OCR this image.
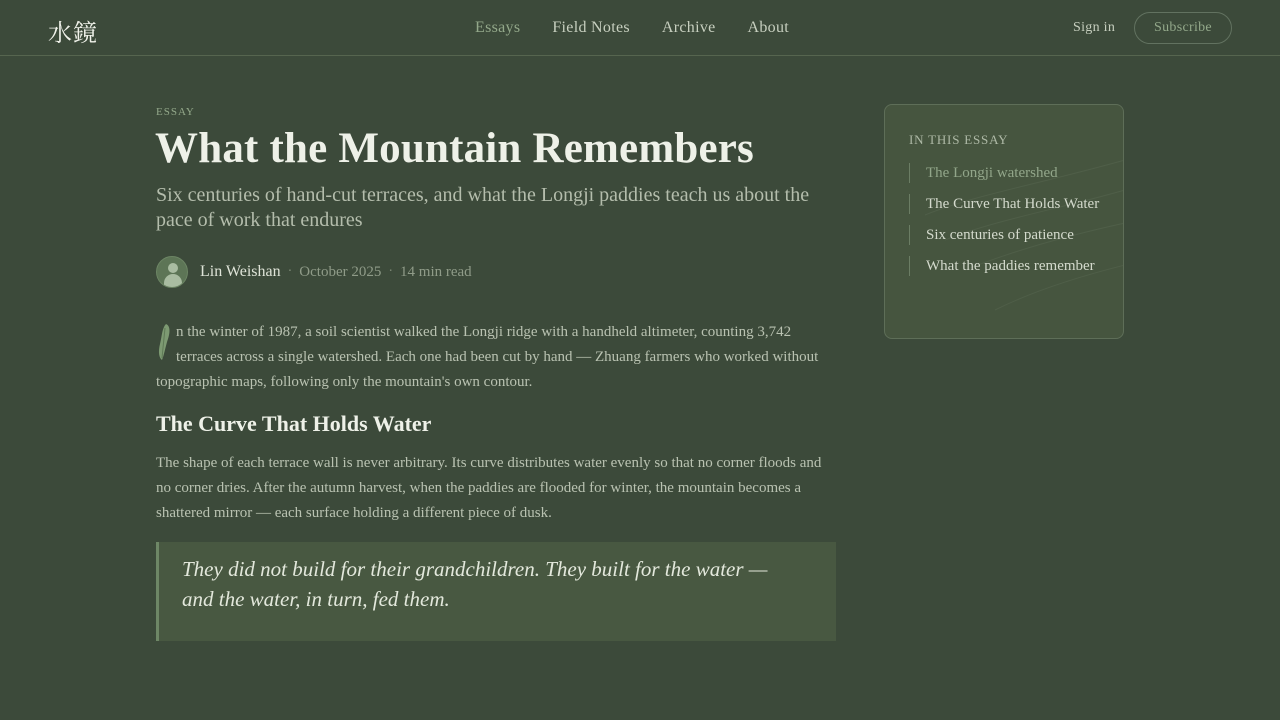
水鏡	Essays Field Notes Archive About	Sign in	Subscribe
ESSAY
What the Mountain Remembers

Six centuries of hand-cut terraces, and what the Longji paddies teach us about the pace of work that endures

Lin Weishan · October 2025 · 14 min read
n the winter of 1987, a soil scientist walked the Longji ridge with a handheld altimeter, counting 3,742 terraces across a single watershed. Each one had been cut by hand — Zhuang farmers who worked without topographic maps, following only the mountain's own contour.
The Curve That Holds Water

The shape of each terrace wall is never arbitrary. Its curve distributes water evenly so that no corner floods and no corner dries. After the autumn harvest, when the paddies are flooded for winter, the mountain becomes a shattered mirror — each surface holding a different piece of dusk.

They did not build for their grandchildren. They built for the water — and the water, in turn, fed them.
IN THIS ESSAY
The Longji watershed
The Curve That Holds Water
Six centuries of patience
What the paddies remember
